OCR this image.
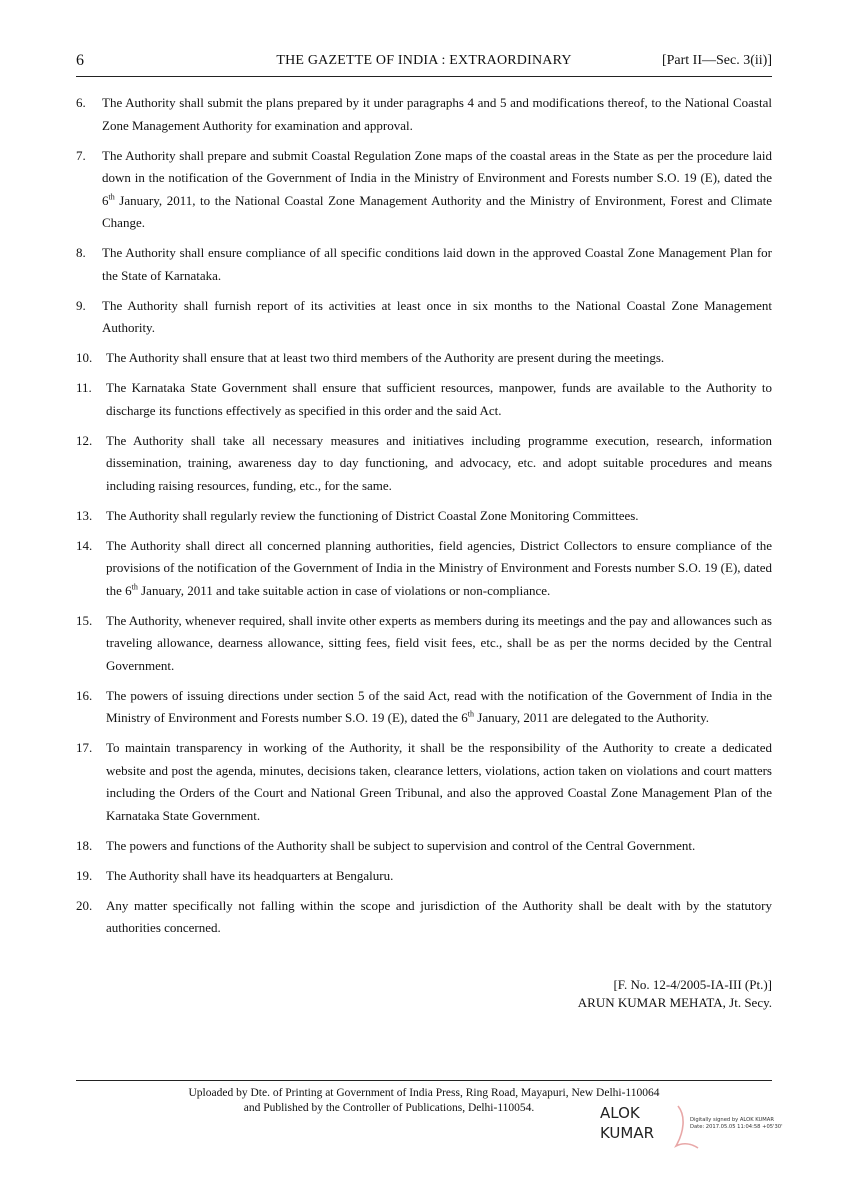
6	THE GAZETTE OF INDIA : EXTRAORDINARY	[Part II—Sec. 3(ii)]
6.	The Authority shall submit the plans prepared by it under paragraphs 4 and 5 and modifications thereof, to the National Coastal Zone Management Authority for examination and approval.
7.	The Authority shall prepare and submit Coastal Regulation Zone maps of the coastal areas in the State as per the procedure laid down in the notification of the Government of India in the Ministry of Environment and Forests number S.O. 19 (E), dated the 6th January, 2011, to the National Coastal Zone Management Authority and the Ministry of Environment, Forest and Climate Change.
8.	The Authority shall ensure compliance of all specific conditions laid down in the approved Coastal Zone Management Plan for the State of Karnataka.
9.	The Authority shall furnish report of its activities at least once in six months to the National Coastal Zone Management Authority.
10.	The Authority shall ensure that at least two third members of the Authority are present during the meetings.
11.	The Karnataka State Government shall ensure that sufficient resources, manpower, funds are available to the Authority to discharge its functions effectively as specified in this order and the said Act.
12.	The Authority shall take all necessary measures and initiatives including programme execution, research, information dissemination, training, awareness day to day functioning, and advocacy, etc. and adopt suitable procedures and means including raising resources, funding, etc., for the same.
13.	The Authority shall regularly review the functioning of District Coastal Zone Monitoring Committees.
14.	The Authority shall direct all concerned planning authorities, field agencies, District Collectors to ensure compliance of the provisions of the notification of the Government of India in the Ministry of Environment and Forests number S.O. 19 (E), dated the 6th January, 2011 and take suitable action in case of violations or non-compliance.
15.	The Authority, whenever required, shall invite other experts as members during its meetings and the pay and allowances such as traveling allowance, dearness allowance, sitting fees, field visit fees, etc., shall be as per the norms decided by the Central Government.
16.	The powers of issuing directions under section 5 of the said Act, read with the notification of the Government of India in the Ministry of Environment and Forests number S.O. 19 (E), dated the 6th January, 2011 are delegated to the Authority.
17.	To maintain transparency in working of the Authority, it shall be the responsibility of the Authority to create a dedicated website and post the agenda, minutes, decisions taken, clearance letters, violations, action taken on violations and court matters including the Orders of the Court and National Green Tribunal, and also the approved Coastal Zone Management Plan of the Karnataka State Government.
18.	The powers and functions of the Authority shall be subject to supervision and control of the Central Government.
19.	The Authority shall have its headquarters at Bengaluru.
20.	Any matter specifically not falling within the scope and jurisdiction of the Authority shall be dealt with by the statutory authorities concerned.
[F. No. 12-4/2005-IA-III (Pt.)]
ARUN KUMAR MEHATA, Jt. Secy.
Uploaded by Dte. of Printing at Government of India Press, Ring Road, Mayapuri, New Delhi-110064
and Published by the Controller of Publications, Delhi-110054.	ALOK
KUMAR
Digitally signed by ALOK KUMAR
Date: 2017.05.05 11:04:58 +05'30'
